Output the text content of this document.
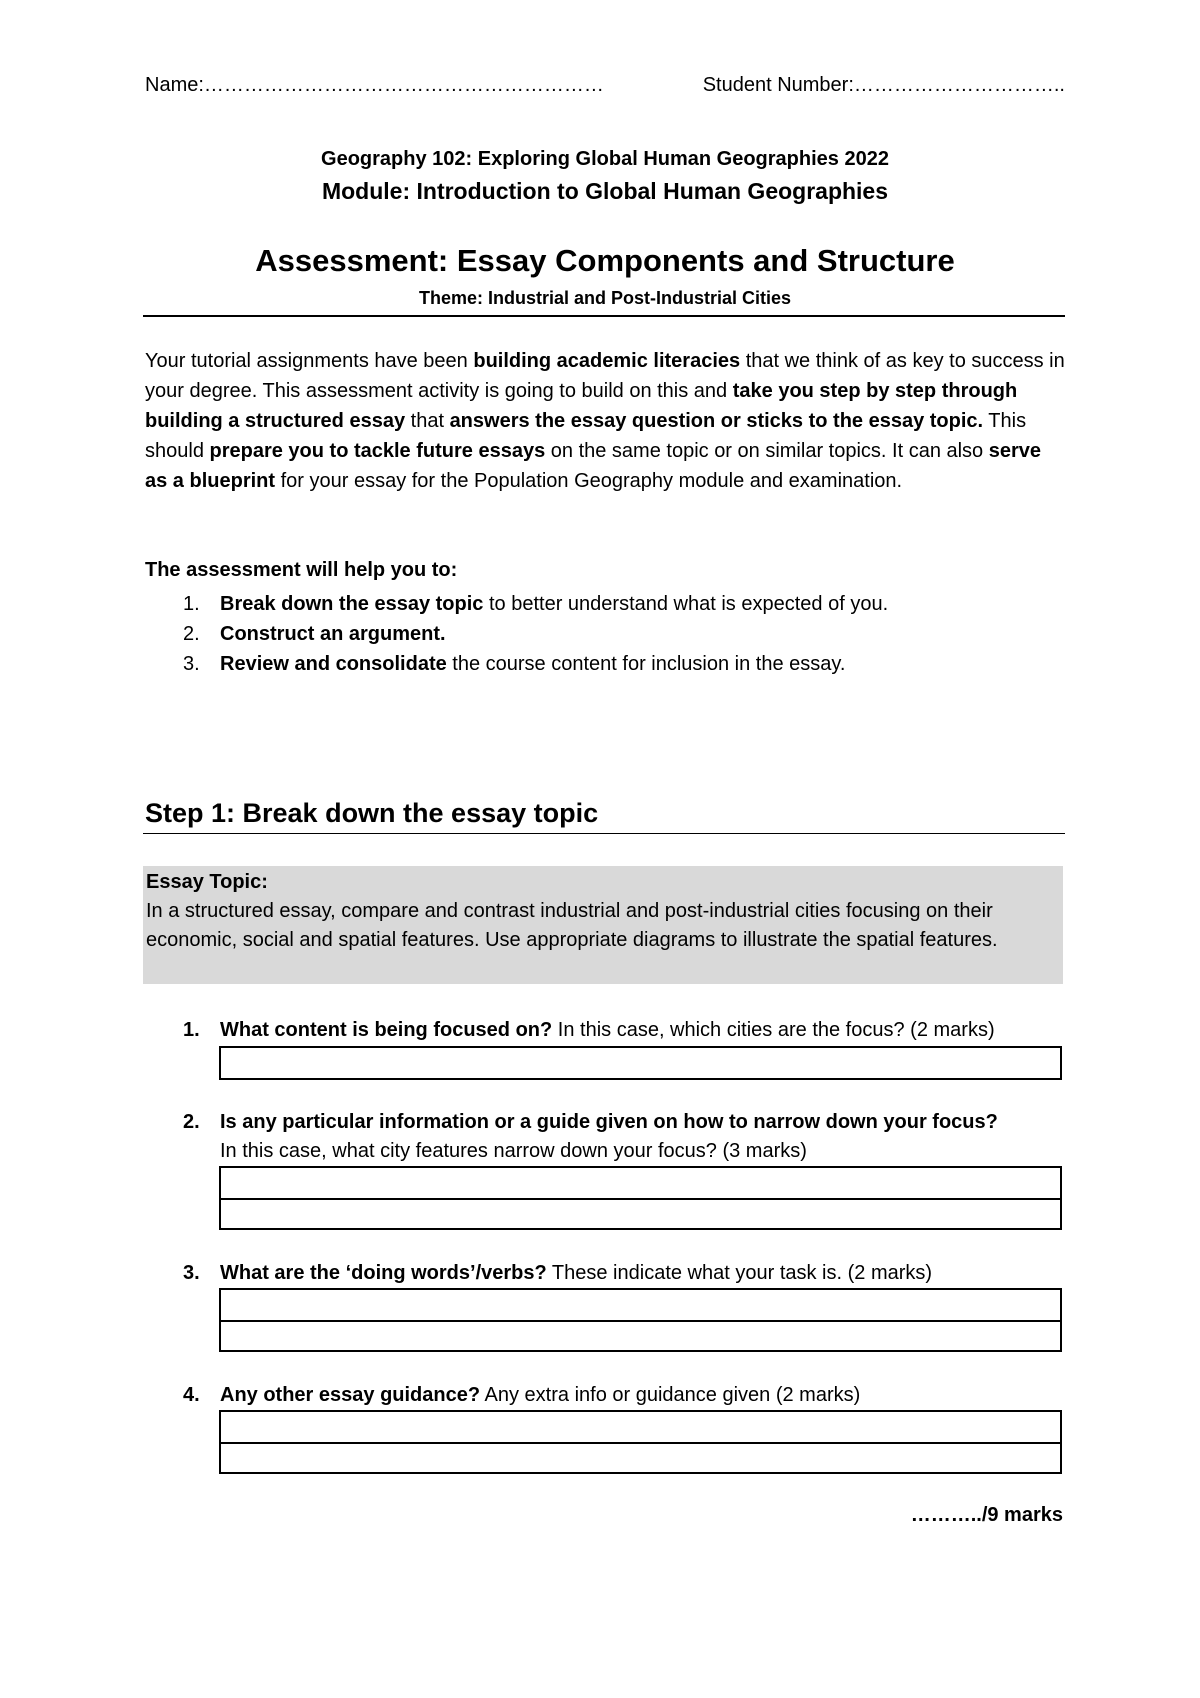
Name:……………………………………………………	Student Number:…………………………..
Geography 102: Exploring Global Human Geographies 2022
Module: Introduction to Global Human Geographies
Assessment: Essay Components and Structure
Theme: Industrial and Post-Industrial Cities

Your tutorial assignments have been building academic literacies that we think of as key to success in your degree. This assessment activity is going to build on this and take you step by step through building a structured essay that answers the essay question or sticks to the essay topic. This should prepare you to tackle future essays on the same topic or on similar topics. It can also serve as a blueprint for your essay for the Population Geography module and examination.

The assessment will help you to:
1. Break down the essay topic to better understand what is expected of you.
2. Construct an argument.
3. Review and consolidate the course content for inclusion in the essay.
Step 1: Break down the essay topic
Essay Topic:
In a structured essay, compare and contrast industrial and post-industrial cities focusing on their economic, social and spatial features. Use appropriate diagrams to illustrate the spatial features.
1. What content is being focused on? In this case, which cities are the focus? (2 marks)
2. Is any particular information or a guide given on how to narrow down your focus?
In this case, what city features narrow down your focus? (3 marks)
3. What are the ‘doing words’/verbs? These indicate what your task is. (2 marks)
4. Any other essay guidance? Any extra info or guidance given (2 marks)
………../9 marks
